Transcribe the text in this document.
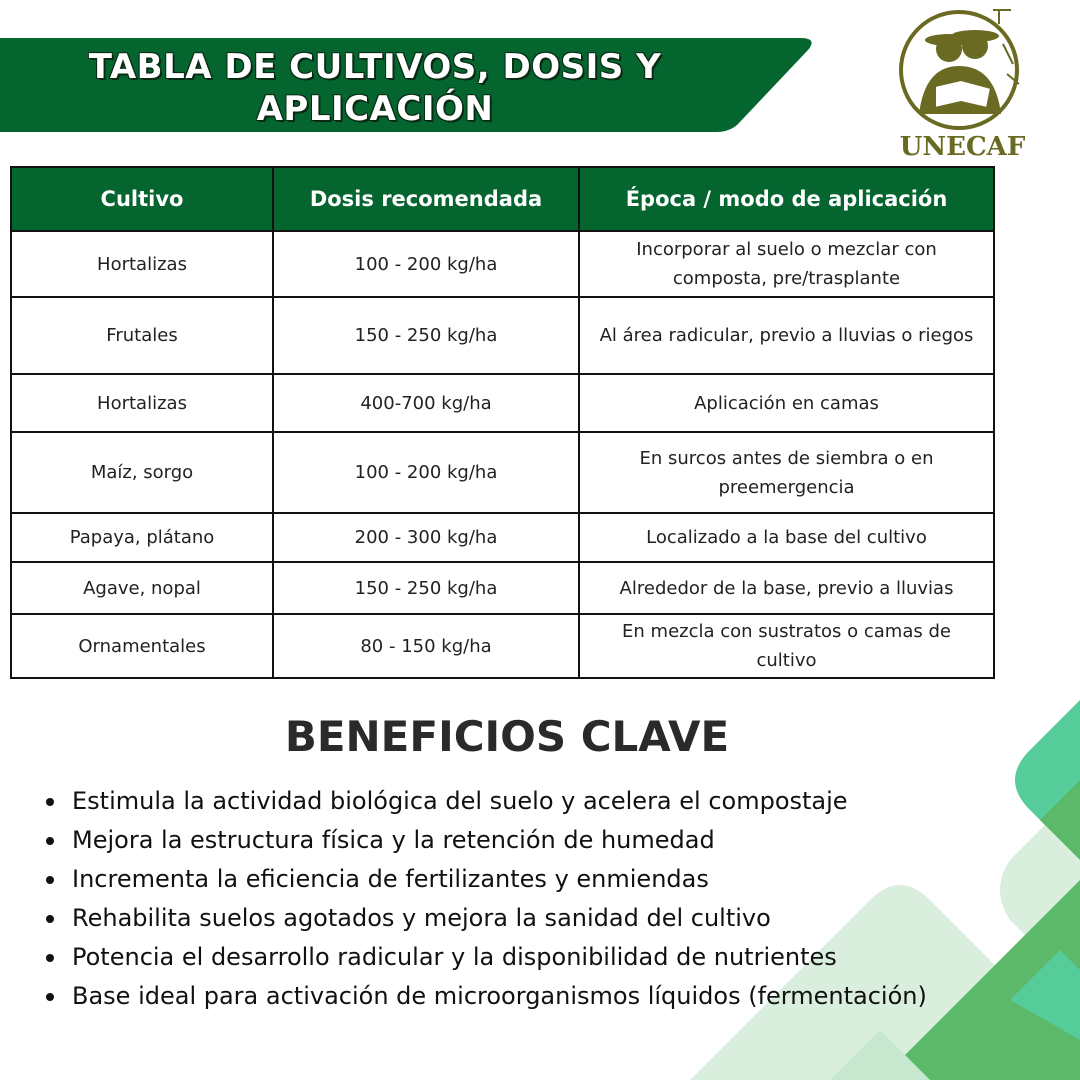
TABLA DE CULTIVOS, DOSIS Y APLICACIÓN
UNECAF
Cultivo	Dosis recomendada	Época / modo de aplicación
Hortalizas	100 - 200 kg/ha	Incorporar al suelo o mezclar con composta, pre/trasplante
Frutales	150 - 250 kg/ha	Al área radicular, previo a lluvias o riegos
Hortalizas	400-700 kg/ha	Aplicación en camas
Maíz, sorgo	100 - 200 kg/ha	En surcos antes de siembra o en preemergencia
Papaya, plátano	200 - 300 kg/ha	Localizado a la base del cultivo
Agave, nopal	150 - 250 kg/ha	Alrededor de la base, previo a lluvias
Ornamentales	80 - 150 kg/ha	En mezcla con sustratos o camas de cultivo
BENEFICIOS CLAVE
Estimula la actividad biológica del suelo y acelera el compostaje
Mejora la estructura física y la retención de humedad
Incrementa la eficiencia de fertilizantes y enmiendas
Rehabilita suelos agotados y mejora la sanidad del cultivo
Potencia el desarrollo radicular y la disponibilidad de nutrientes
Base ideal para activación de microorganismos líquidos (fermentación)
